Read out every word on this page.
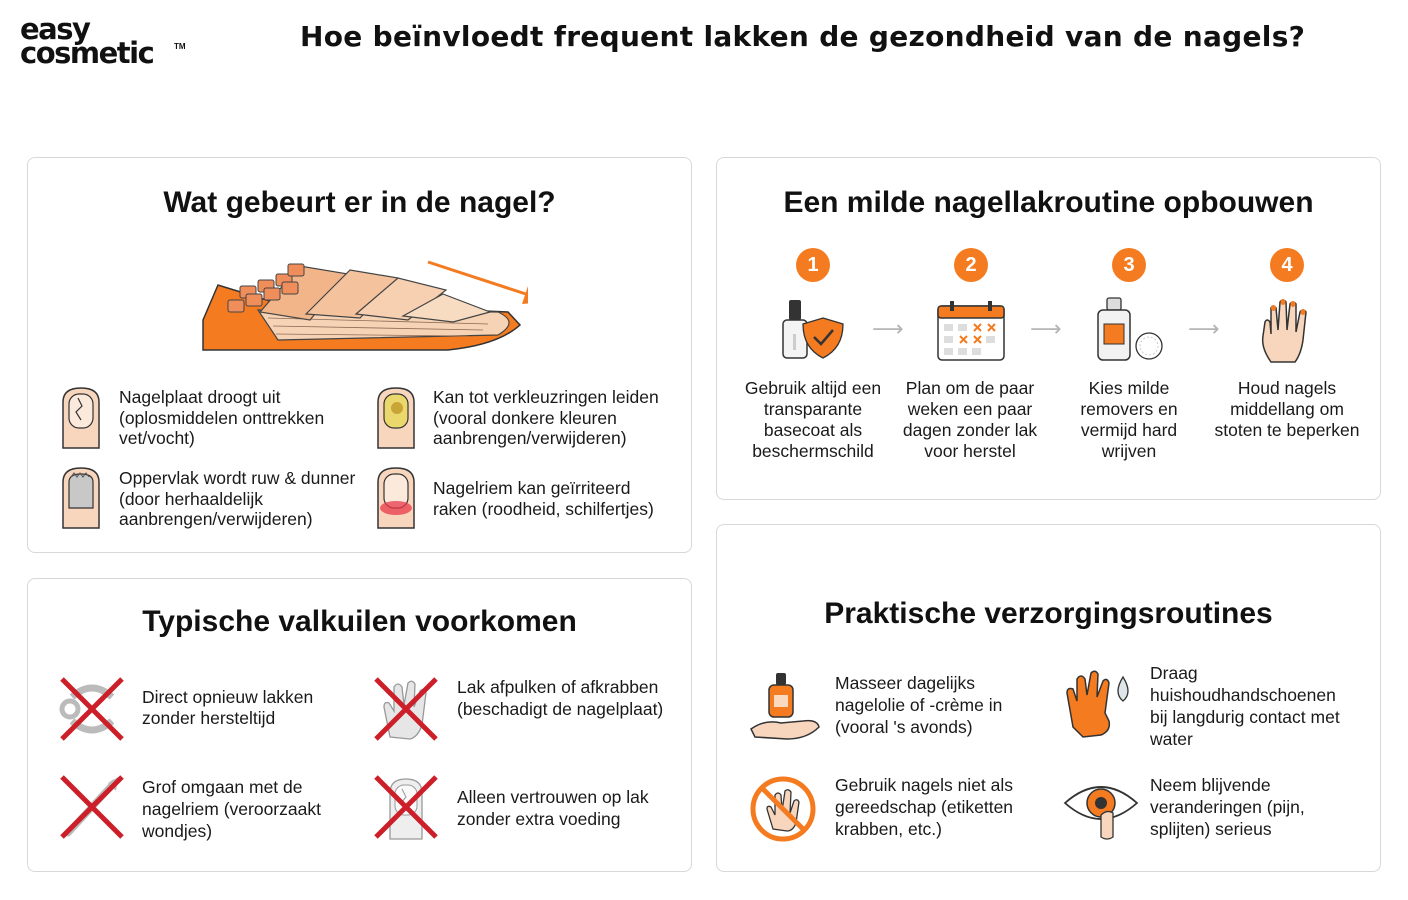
easy
cosmetic	TM	Hoe beïnvloedt frequent lakken de gezondheid van de nagels?
Wat gebeurt er in de nagel?
Nagelplaat droogt uit (oplosmiddelen onttrekken vet/vocht)
Kan tot verkleuzringen leiden (vooral donkere kleuren aanbrengen/verwijderen)
Oppervlak wordt ruw & dunner (door herhaaldelijk aanbrengen/verwijderen)
Nagelriem kan geïrriteerd raken (roodheid, schilfertjes)
Een milde nagellakroutine opbouwen
1
Gebruik altijd een transparante basecoat als beschermschild
⟶
2
Plan om de paar weken een paar dagen zonder lak voor herstel
⟶
3
Kies milde removers en vermijd hard wrijven
⟶
4
Houd nagels middellang om stoten te beperken
Typische valkuilen voorkomen
Direct opnieuw lakken zonder hersteltijd
Lak afpulken of afkrabben (beschadigt de nagelplaat)
Grof omgaan met de nagelriem (veroorzaakt wondjes)
Alleen vertrouwen op lak zonder extra voeding
Praktische verzorgingsroutines
Masseer dagelijks nagelolie of -crème in (vooral 's avonds)
Draag huishoudhandschoenen bij langdurig contact met water
Gebruik nagels niet als gereedschap (etiketten krabben, etc.)
Neem blijvende veranderingen (pijn, splijten) serieus
